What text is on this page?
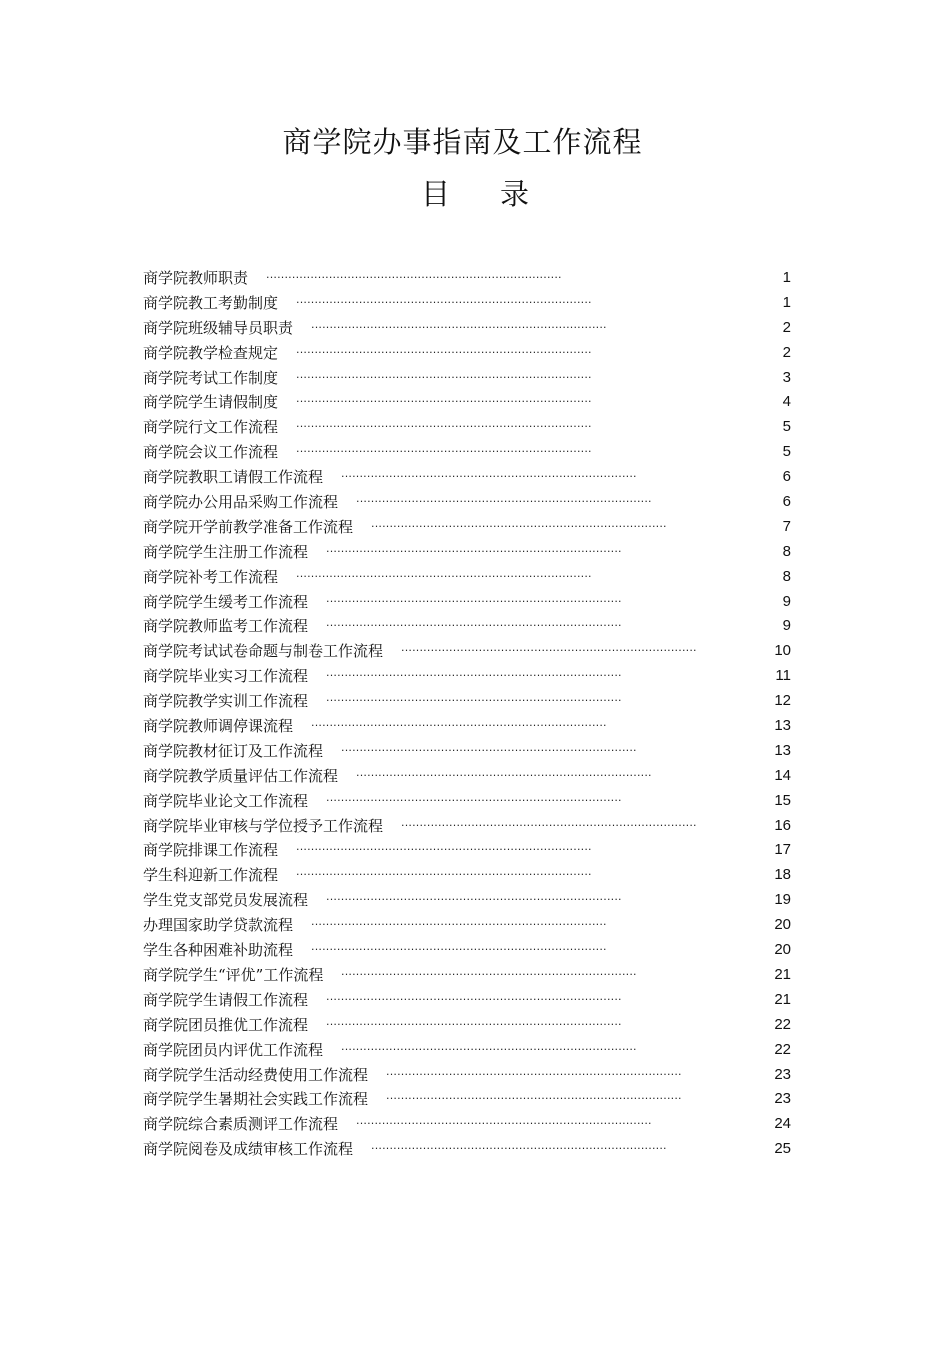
商学院办事指南及工作流程
目 录
商学院教师职责 ................................................................................	1
商学院教工考勤制度 ................................................................................	1
商学院班级辅导员职责 ................................................................................	2
商学院教学检查规定 ................................................................................	2
商学院考试工作制度 ................................................................................	3
商学院学生请假制度 ................................................................................	4
商学院行文工作流程 ................................................................................	5
商学院会议工作流程 ................................................................................	5
商学院教职工请假工作流程 ................................................................................	6
商学院办公用品采购工作流程 ................................................................................	6
商学院开学前教学准备工作流程 ................................................................................	7
商学院学生注册工作流程 ................................................................................	8
商学院补考工作流程 ................................................................................	8
商学院学生缓考工作流程 ................................................................................	9
商学院教师监考工作流程 ................................................................................	9
商学院考试试卷命题与制卷工作流程 ................................................................................	10
商学院毕业实习工作流程 ................................................................................	11
商学院教学实训工作流程 ................................................................................	12
商学院教师调停课流程 ................................................................................	13
商学院教材征订及工作流程 ................................................................................	13
商学院教学质量评估工作流程 ................................................................................	14
商学院毕业论文工作流程 ................................................................................	15
商学院毕业审核与学位授予工作流程 ................................................................................	16
商学院排课工作流程 ................................................................................	17
学生科迎新工作流程 ................................................................................	18
学生党支部党员发展流程 ................................................................................	19
办理国家助学贷款流程 ................................................................................	20
学生各种困难补助流程 ................................................................................	20
商学院学生“评优”工作流程 ................................................................................	21
商学院学生请假工作流程 ................................................................................	21
商学院团员推优工作流程 ................................................................................	22
商学院团员内评优工作流程 ................................................................................	22
商学院学生活动经费使用工作流程 ................................................................................	23
商学院学生暑期社会实践工作流程 ................................................................................	23
商学院综合素质测评工作流程 ................................................................................	24
商学院阅卷及成绩审核工作流程 ................................................................................	25
